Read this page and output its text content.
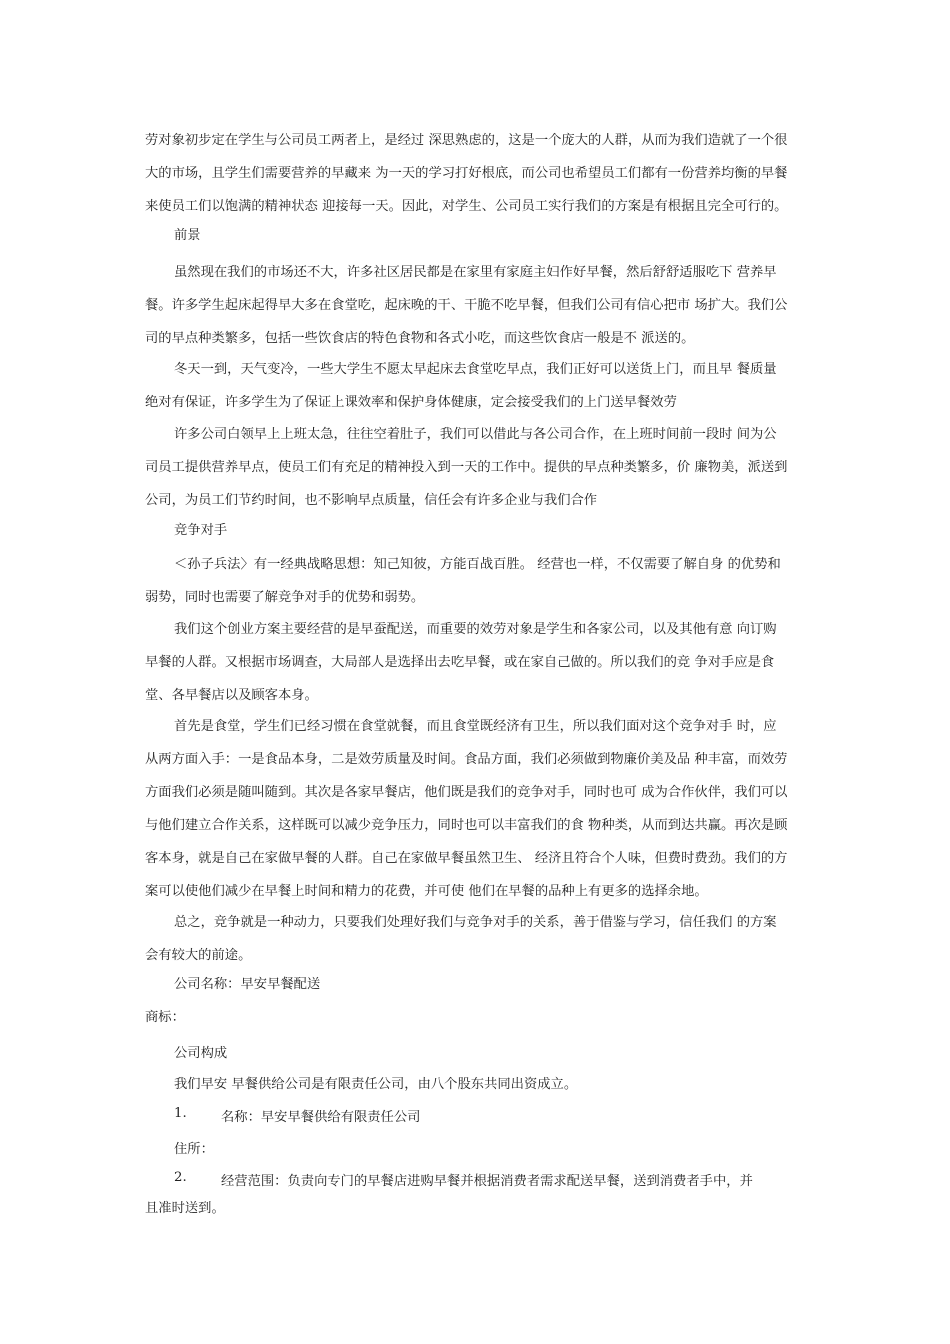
劳对象初步定在学生与公司员工两者上，是经过 深思熟虑的，这是一个庞大的人群，从而为我们造就了一个很
大的市场，且学生们需要营养的早藏来 为一天的学习打好根底，而公司也希望员工们都有一份营养均衡的早餐
来使员工们以饱满的精神状态 迎接每一天。因此，对学生、公司员工实行我们的方案是有根据且完全可行的。

前景

虽然现在我们的市场还不大，许多社区居民都是在家里有家庭主妇作好早餐，然后舒舒适服吃下 营养早
餐。许多学生起床起得早大多在食堂吃，起床晚的干、干脆不吃早餐，但我们公司有信心把市 场扩大。我们公
司的早点种类繁多，包括一些饮食店的特色食物和各式小吃，而这些饮食店一般是不 派送的。
冬天一到，天气变冷，一些大学生不愿太早起床去食堂吃早点，我们正好可以送货上门，而且早 餐质量
绝对有保证，许多学生为了保证上课效率和保护身体健康，定会接受我们的上门送早餐效劳
许多公司白领早上上班太急，往往空着肚子，我们可以借此与各公司合作，在上班时间前一段时 间为公
司员工提供营养早点，使员工们有充足的精神投入到一天的工作中。提供的早点种类繁多，价 廉物美，派送到
公司，为员工们节约时间，也不影响早点质量，信任会有许多企业与我们合作

竞争对手

＜孙子兵法〉有一经典战略思想：知己知彼，方能百战百胜。 经营也一样，不仅需要了解自身 的优势和
弱势，同时也需要了解竞争对手的优势和弱势。
我们这个创业方案主要经营的是早蚕配送，而重要的效劳对象是学生和各家公司，以及其他有意 向订购
早餐的人群。又根据市场调查，大局部人是选择出去吃早餐，或在家自己做的。所以我们的竞 争对手应是食
堂、各早餐店以及顾客本身。
首先是食堂，学生们已经习惯在食堂就餐，而且食堂既经济有卫生，所以我们面对这个竞争对手 时，应
从两方面入手：一是食品本身，二是效劳质量及时间。食品方面，我们必须做到物廉价美及品 种丰富，而效劳
方面我们必须是随叫随到。其次是各家早餐店，他们既是我们的竞争对手，同时也可 成为合作伙伴，我们可以
与他们建立合作关系，这样既可以减少竞争压力，同时也可以丰富我们的食 物种类，从而到达共赢。再次是顾
客本身，就是自己在家做早餐的人群。自己在家做早餐虽然卫生、 经济且符合个人味，但费时费劲。我们的方
案可以使他们减少在早餐上时间和精力的花费，并可使 他们在早餐的品种上有更多的选择余地。
总之，竞争就是一种动力，只要我们处理好我们与竞争对手的关系，善于借鉴与学习，信任我们 的方案
会有较大的前途。

公司名称：早安早餐配送

商标：

公司构成

我们早安 早餐供给公司是有限责任公司，由八个股东共同出资成立。

1.	名称：早安早餐供给有限责任公司

住所：

2.	经营范围：负责向专门的早餐店进购早餐并根据消费者需求配送早餐，送到消费者手中，并

且准时送到。
